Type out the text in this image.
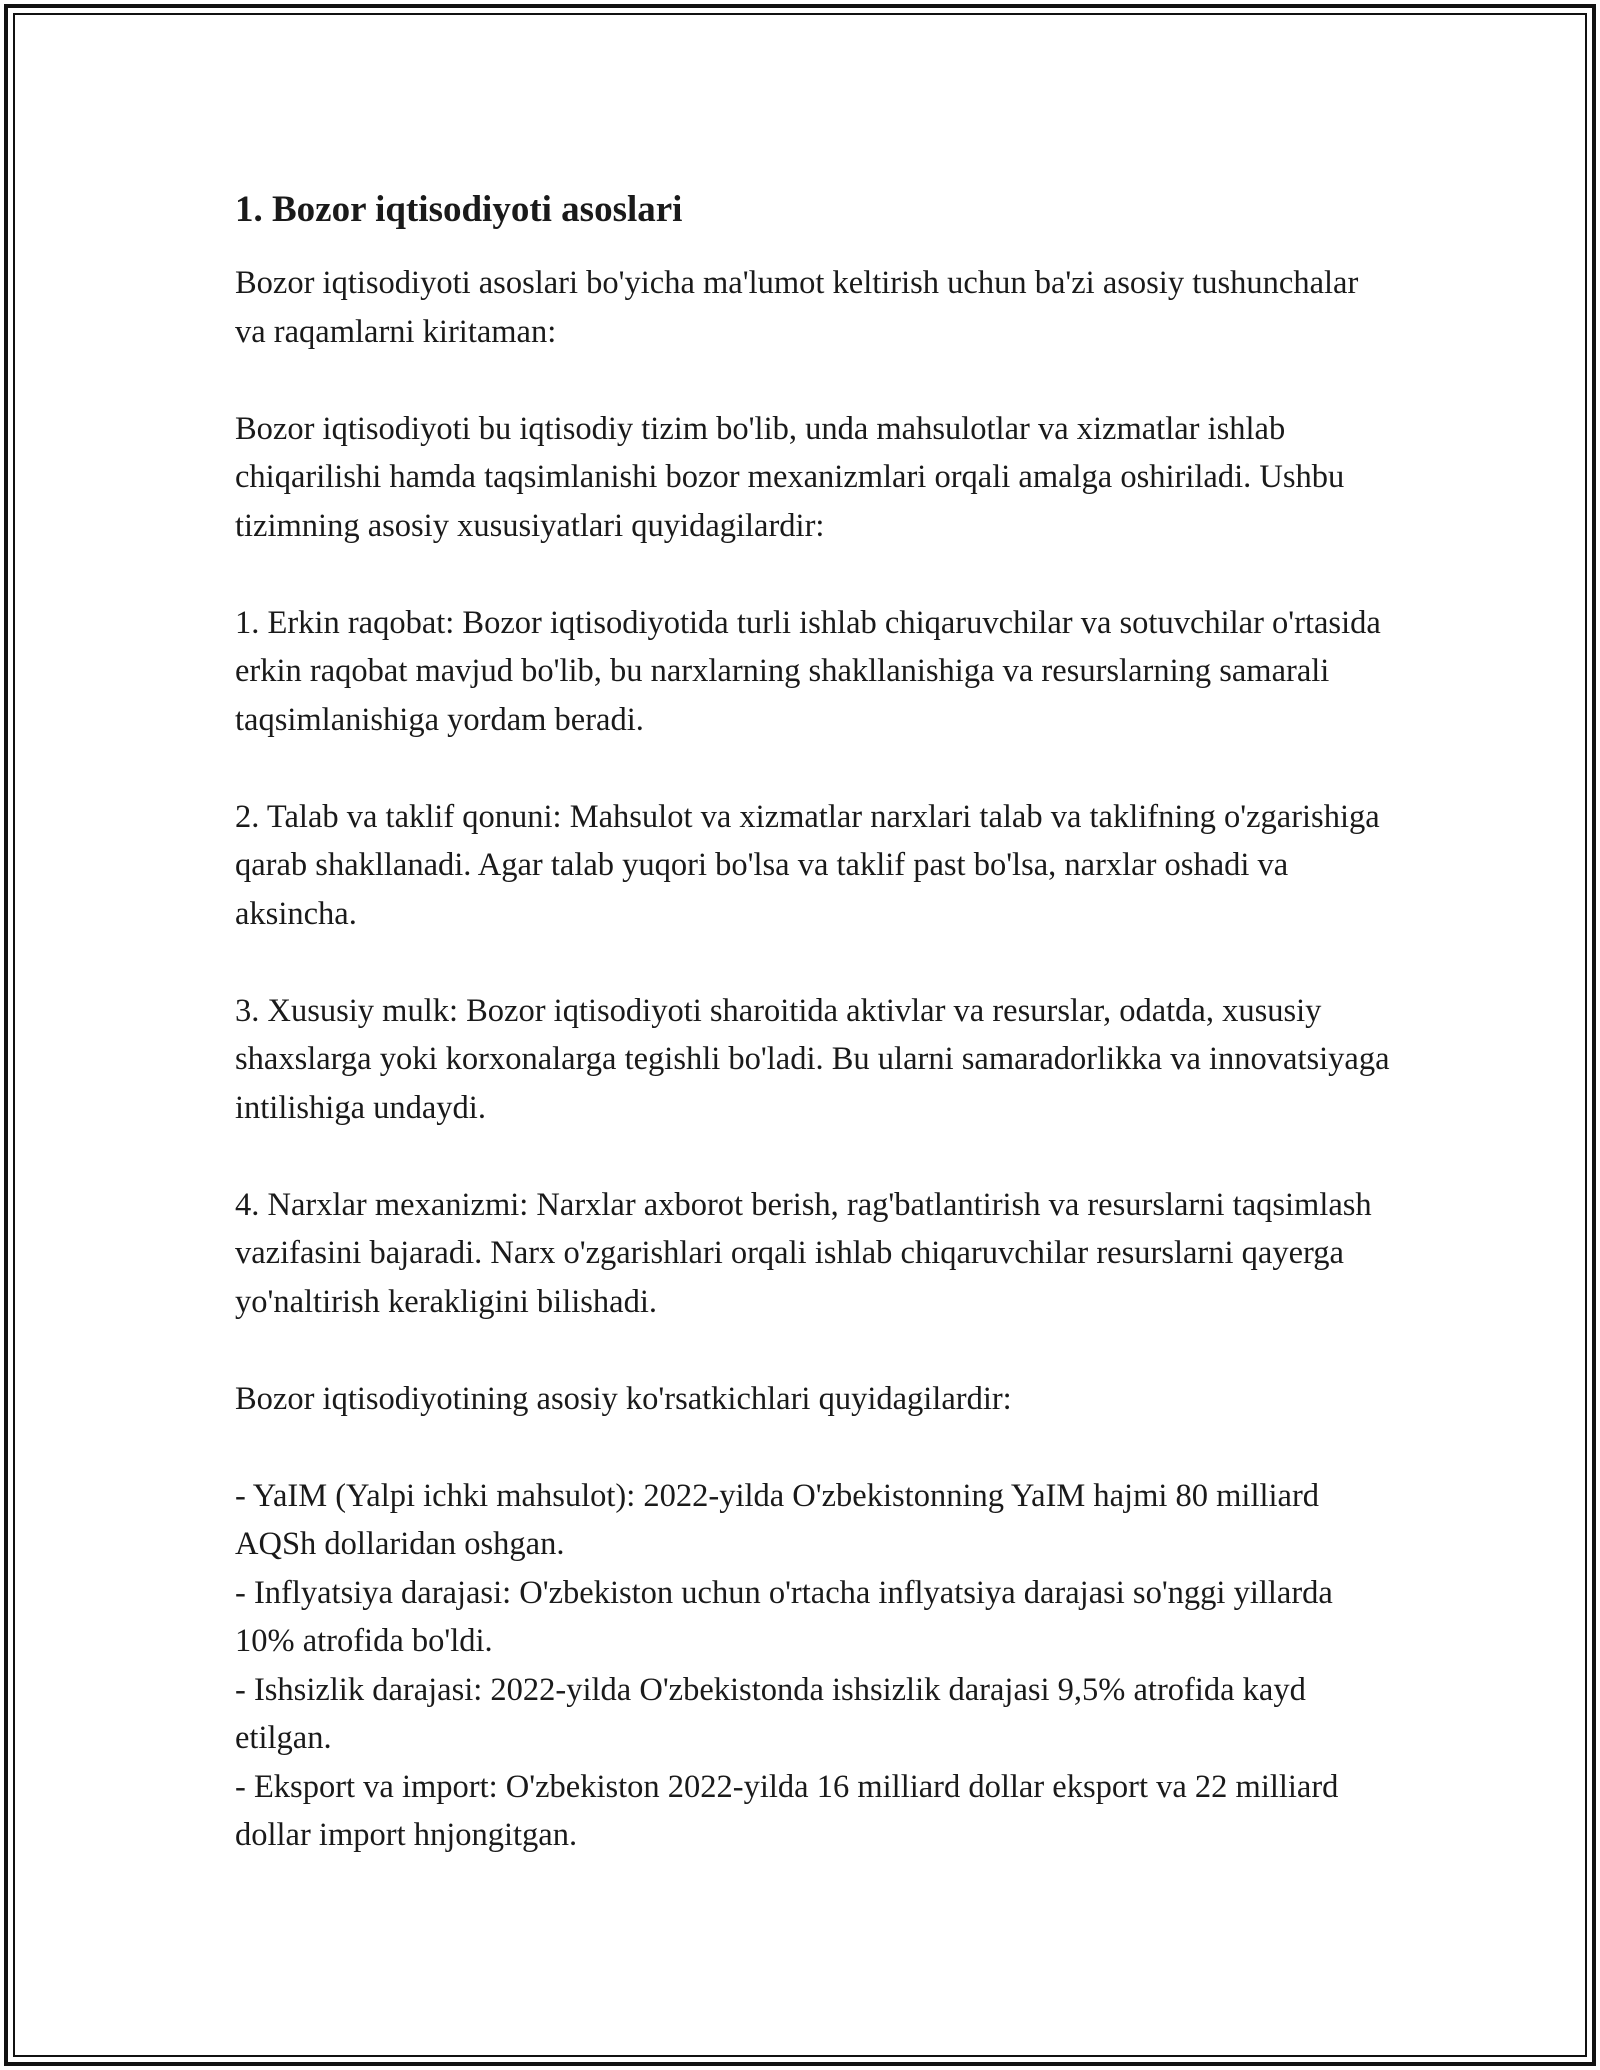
1. Bozor iqtisodiyoti asoslari

Bozor iqtisodiyoti asoslari bo'yicha ma'lumot keltirish uchun ba'zi asosiy tushunchalar va raqamlarni kiritaman:

Bozor iqtisodiyoti bu iqtisodiy tizim bo'lib, unda mahsulotlar va xizmatlar ishlab chiqarilishi hamda taqsimlanishi bozor mexanizmlari orqali amalga oshiriladi. Ushbu tizimning asosiy xususiyatlari quyidagilardir:

1. Erkin raqobat: Bozor iqtisodiyotida turli ishlab chiqaruvchilar va sotuvchilar o'rtasida erkin raqobat mavjud bo'lib, bu narxlarning shakllanishiga va resurslarning samarali taqsimlanishiga yordam beradi.

2. Talab va taklif qonuni: Mahsulot va xizmatlar narxlari talab va taklifning o'zgarishiga qarab shakllanadi. Agar talab yuqori bo'lsa va taklif past bo'lsa, narxlar oshadi va aksincha.

3. Xususiy mulk: Bozor iqtisodiyoti sharoitida aktivlar va resurslar, odatda, xususiy shaxslarga yoki korxonalarga tegishli bo'ladi. Bu ularni samaradorlikka va innovatsiyaga intilishiga undaydi.

4. Narxlar mexanizmi: Narxlar axborot berish, rag'batlantirish va resurslarni taqsimlash vazifasini bajaradi. Narx o'zgarishlari orqali ishlab chiqaruvchilar resurslarni qayerga yo'naltirish kerakligini bilishadi.

Bozor iqtisodiyotining asosiy ko'rsatkichlari quyidagilardir:

- YaIM (Yalpi ichki mahsulot): 2022-yilda O'zbekistonning YaIM hajmi 80 milliard AQSh dollaridan oshgan.
- Inflyatsiya darajasi: O'zbekiston uchun o'rtacha inflyatsiya darajasi so'nggi yillarda 10% atrofida bo'ldi.
- Ishsizlik darajasi: 2022-yilda O'zbekistonda ishsizlik darajasi 9,5% atrofida kayd etilgan.
- Eksport va import: O'zbekiston 2022-yilda 16 milliard dollar eksport va 22 milliard dollar import hnjongitgan.
